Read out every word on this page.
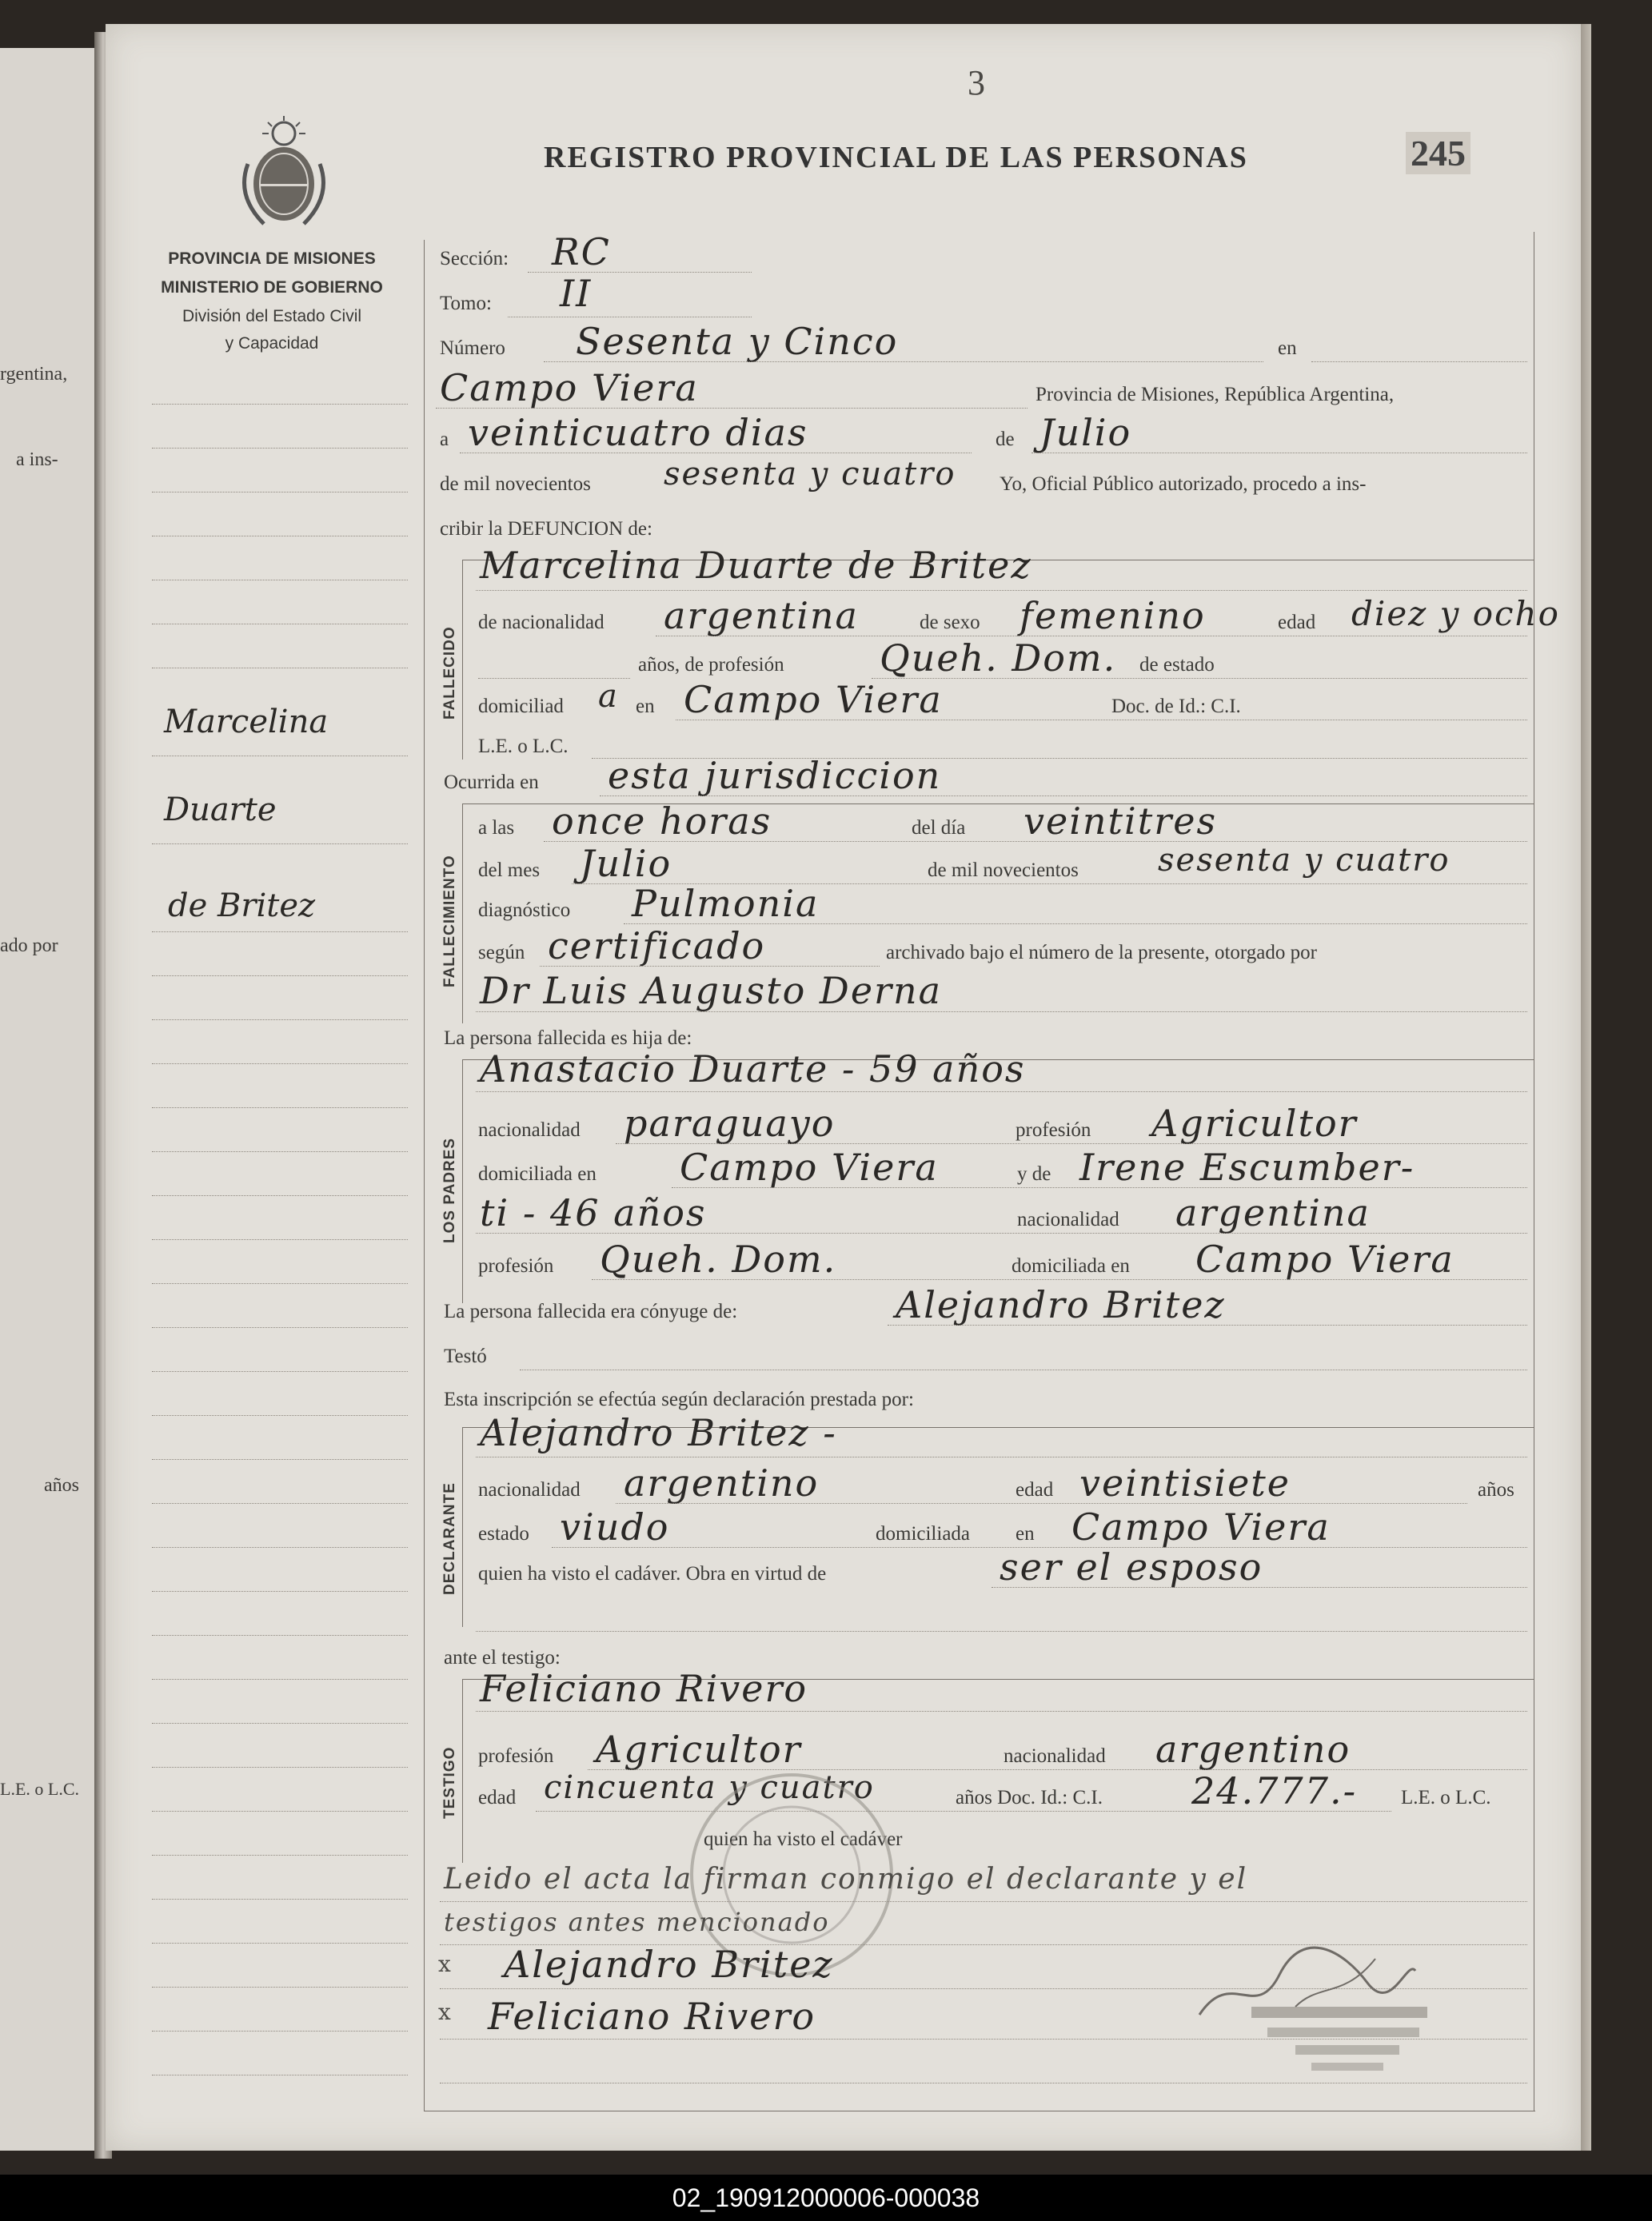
rgentina,
a ins-
ado por
años
L.E. o L.C.
Marcelina
Duarte
de Britez
3
REGISTRO PROVINCIAL DE LAS PERSONAS	245
PROVINCIA DE MISIONES
MINISTERIO DE GOBIERNO
División del Estado Civil
y Capacidad
FALLECIDO
FALLECIMIENTO
LOS PADRES
DECLARANTE
TESTIGO
Sección: RC
Tomo: II
Número Sesenta y Cinco	en
Campo Viera	Provincia de Misiones, República Argentina,
a veinticuatro dias	de Julio
de mil novecientos sesenta y cuatro Yo, Oficial Público autorizado, procedo a ins-
cribir la DEFUNCION de:
Marcelina Duarte de Britez
de nacionalidad argentina	de sexo femenino	edad diez y ocho
años, de profesión	Queh. Dom. de estado
domiciliad a en Campo Viera	Doc. de Id.: C.I.
L.E. o L.C.
Ocurrida en esta jurisdiccion
a las once horas	del día veintitres
del mes Julio	de mil novecientos sesenta y cuatro
diagnóstico Pulmonia
según certificado	archivado bajo el número de la presente, otorgado por
Dr Luis Augusto Derna
La persona fallecida es hija de:
Anastacio Duarte - 59 años
nacionalidad paraguayo	profesión Agricultor
domiciliada en Campo Viera	y de Irene Escumber-
ti - 46 años	nacionalidad argentina
profesión Queh. Dom.	domiciliada en Campo Viera
La persona fallecida era cónyuge de:	Alejandro Britez
Testó
Esta inscripción se efectúa según declaración prestada por:
Alejandro Britez -
nacionalidad argentino	edad veintisiete	años
estado viudo	domiciliada en Campo Viera
quien ha visto el cadáver. Obra en virtud de	ser el esposo
ante el testigo:
Feliciano Rivero
profesión Agricultor	nacionalidad argentino
edad cincuenta y cuatro	años Doc. Id.: C.I. 24.777.- L.E. o L.C.
quien ha visto el cadáver
Leido el acta la firman conmigo el declarante y el
testigos antes mencionado
x Alejandro Britez
x Feliciano Rivero
02_190912000006-000038
